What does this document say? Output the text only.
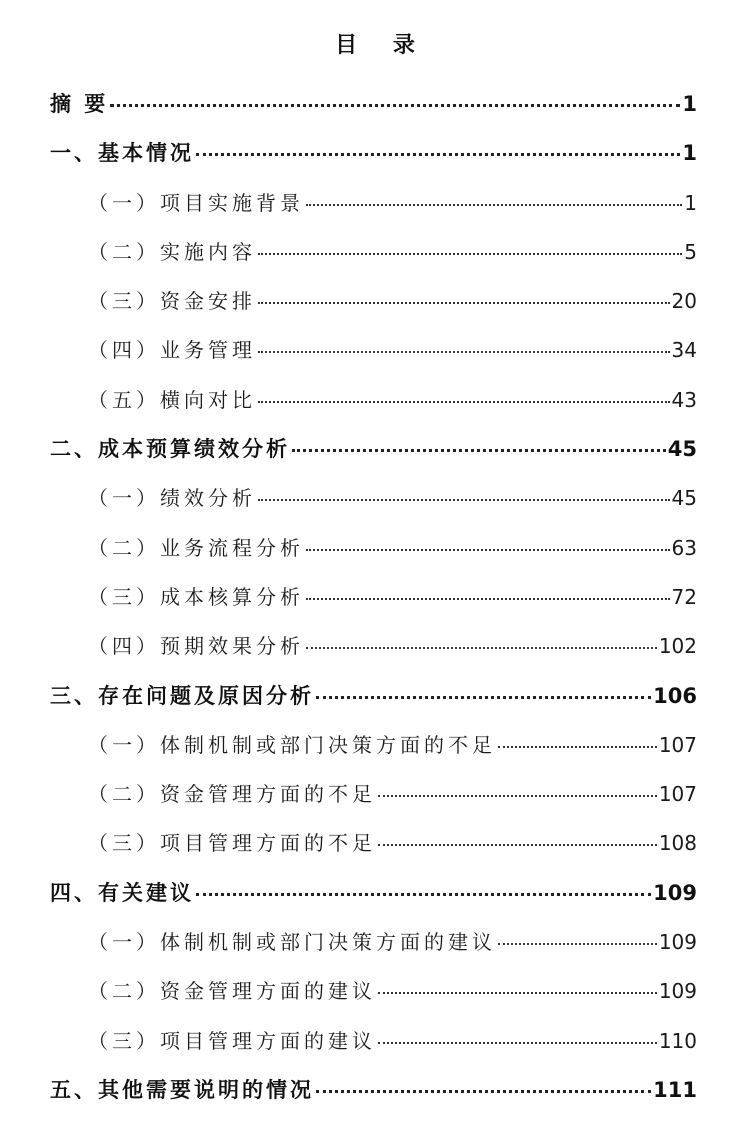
目 录
摘 要	1
一、基本情况	1
（一）项目实施背景	1
（二）实施内容	5
（三）资金安排	20
（四）业务管理	34
（五）横向对比	43
二、成本预算绩效分析	45
（一）绩效分析	45
（二）业务流程分析	63
（三）成本核算分析	72
（四）预期效果分析	102
三、存在问题及原因分析	106
（一）体制机制或部门决策方面的不足	107
（二）资金管理方面的不足	107
（三）项目管理方面的不足	108
四、有关建议	109
（一）体制机制或部门决策方面的建议	109
（二）资金管理方面的建议	109
（三）项目管理方面的建议	110
五、其他需要说明的情况	111
